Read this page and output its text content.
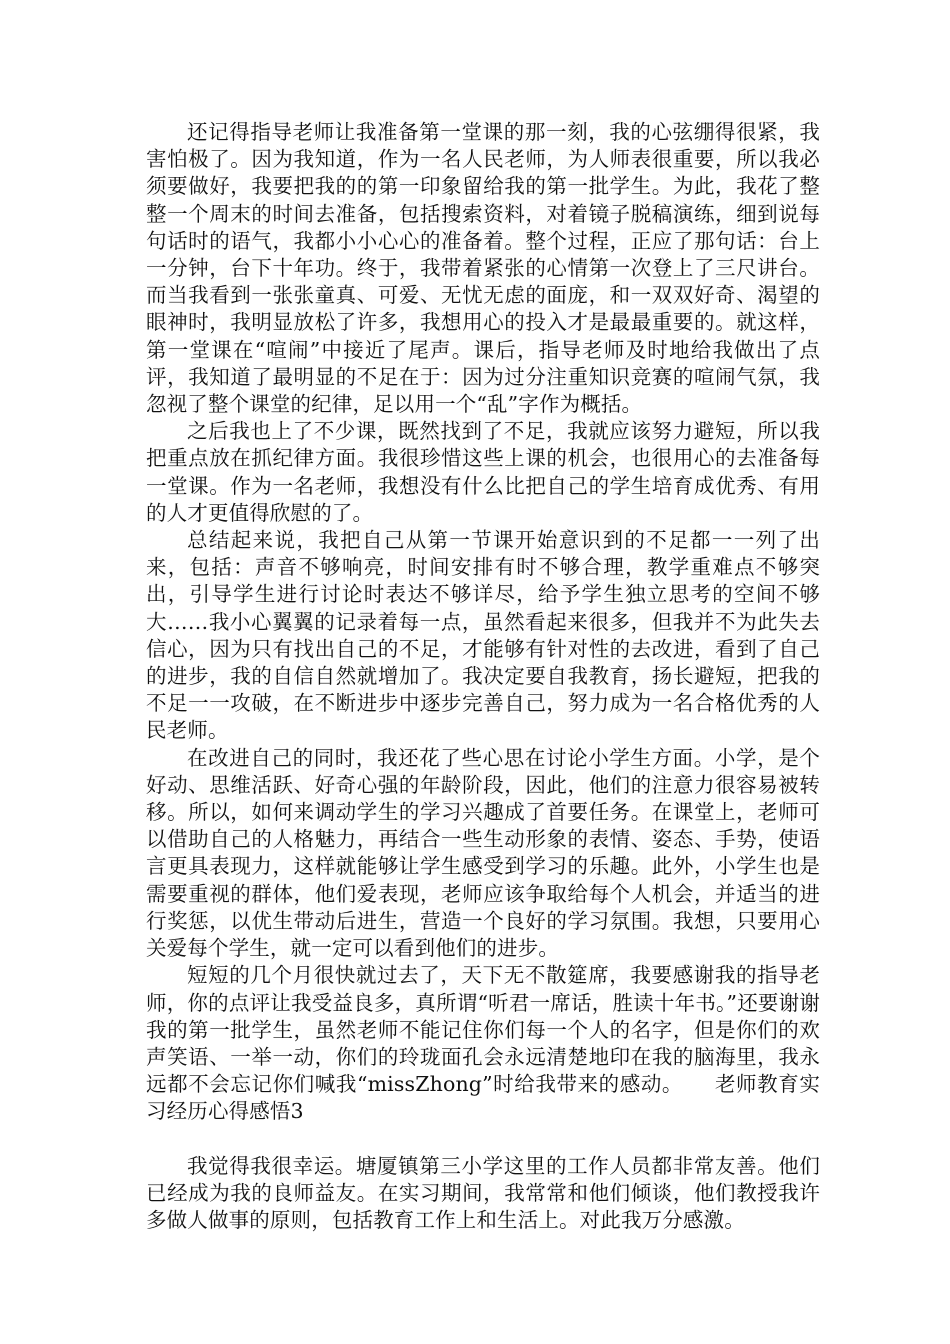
还记得指导老师让我准备第一堂课的那一刻，我的心弦绷得很紧，我害怕极了。因为我知道，作为一名人民老师，为人师表很重要，所以我必须要做好，我要把我的的第一印象留给我的第一批学生。为此，我花了整整一个周末的时间去准备，包括搜索资料，对着镜子脱稿演练，细到说每句话时的语气，我都小小心心的准备着。整个过程，正应了那句话：台上一分钟，台下十年功。终于，我带着紧张的心情第一次登上了三尺讲台。而当我看到一张张童真、可爱、无忧无虑的面庞，和一双双好奇、渴望的眼神时，我明显放松了许多，我想用心的投入才是最最重要的。就这样，第一堂课在“喧闹”中接近了尾声。课后，指导老师及时地给我做出了点评，我知道了最明显的不足在于：因为过分注重知识竞赛的喧闹气氛，我忽视了整个课堂的纪律，足以用一个“乱”字作为概括。

之后我也上了不少课，既然找到了不足，我就应该努力避短，所以我把重点放在抓纪律方面。我很珍惜这些上课的机会，也很用心的去准备每一堂课。作为一名老师，我想没有什么比把自己的学生培育成优秀、有用的人才更值得欣慰的了。

总结起来说，我把自己从第一节课开始意识到的不足都一一列了出来，包括：声音不够响亮，时间安排有时不够合理，教学重难点不够突出，引导学生进行讨论时表达不够详尽，给予学生独立思考的空间不够大……我小心翼翼的记录着每一点，虽然看起来很多，但我并不为此失去信心，因为只有找出自己的不足，才能够有针对性的去改进，看到了自己的进步，我的自信自然就增加了。我决定要自我教育，扬长避短，把我的不足一一攻破，在不断进步中逐步完善自己，努力成为一名合格优秀的人民老师。

在改进自己的同时，我还花了些心思在讨论小学生方面。小学，是个好动、思维活跃、好奇心强的年龄阶段，因此，他们的注意力很容易被转移。所以，如何来调动学生的学习兴趣成了首要任务。在课堂上，老师可以借助自己的人格魅力，再结合一些生动形象的表情、姿态、手势，使语言更具表现力，这样就能够让学生感受到学习的乐趣。此外，小学生也是需要重视的群体，他们爱表现，老师应该争取给每个人机会，并适当的进行奖惩，以优生带动后进生，营造一个良好的学习氛围。我想，只要用心关爱每个学生，就一定可以看到他们的进步。

短短的几个月很快就过去了，天下无不散筵席，我要感谢我的指导老师，你的点评让我受益良多，真所谓“听君一席话，胜读十年书。”还要谢谢我的第一批学生，虽然老师不能记住你们每一个人的名字，但是你们的欢声笑语、一举一动，你们的玲珑面孔会永远清楚地印在我的脑海里，我永远都不会忘记你们喊我“missZhong”时给我带来的感动。　　老师教育实习经历心得感悟3

我觉得我很幸运。塘厦镇第三小学这里的工作人员都非常友善。他们已经成为我的良师益友。在实习期间，我常常和他们倾谈，他们教授我许多做人做事的原则，包括教育工作上和生活上。对此我万分感激。
